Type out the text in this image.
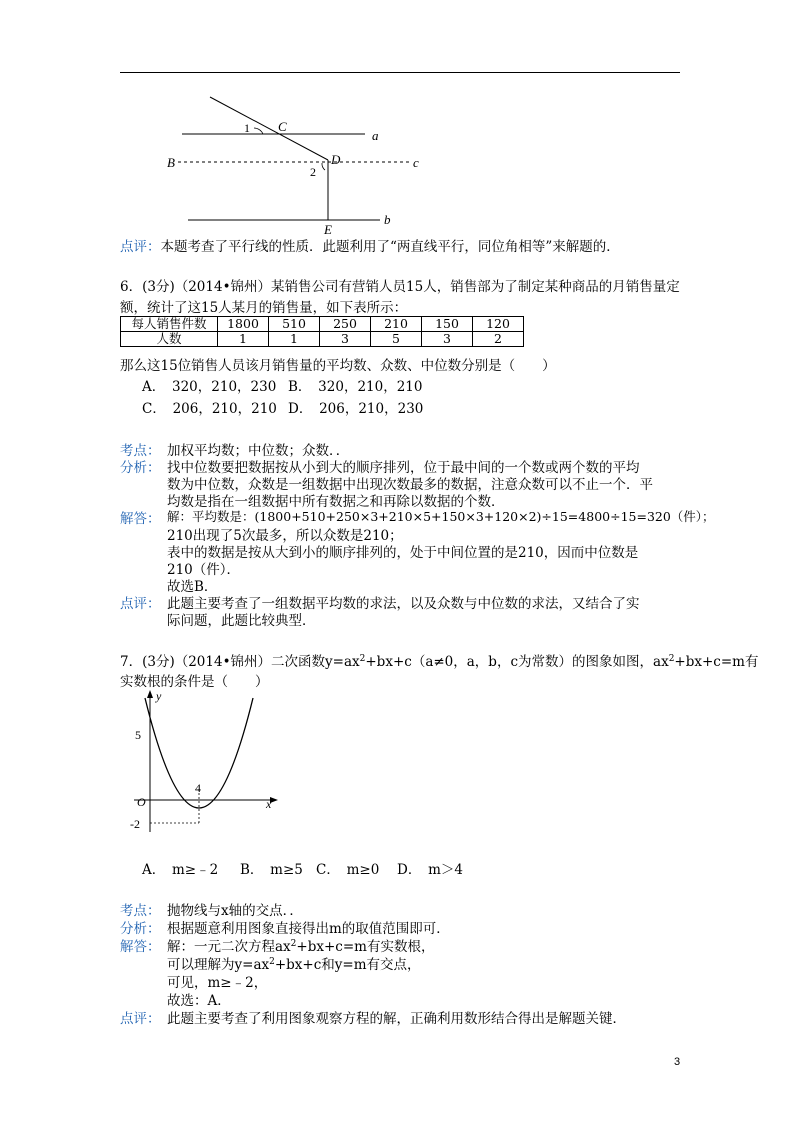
1 C
a
B	D	c
2
E
b
点评：本题考查了平行线的性质．此题利用了“两直线平行，同位角相等”来解题的．
6．(3分)（2014•锦州）某销售公司有营销人员15人，销售部为了制定某种商品的月销售量定
额，统计了这15人某月的销售量，如下表所示：
每人销售件数	1800	510	250	210	150	120
人数	1	1	3	5	3	2
那么这15位销售人员该月销售量的平均数、众数、中位数分别是（　　）
A．　320，210，230 B．　320，210，210
C．　206，210，210 D．　206，210，230
考点： 加权平均数；中位数；众数．．
分析： 找中位数要把数据按从小到大的顺序排列，位于最中间的一个数或两个数的平均
数为中位数，众数是一组数据中出现次数最多的数据，注意众数可以不止一个．平
均数是指在一组数据中所有数据之和再除以数据的个数．
解答： 解：平均数是：(1800+510+250×3+210×5+150×3+120×2)÷15=4800÷15=320（件）；
210出现了5次最多，所以众数是210；
表中的数据是按从大到小的顺序排列的，处于中间位置的是210，因而中位数是
210（件）．
故选B．
点评： 此题主要考查了一组数据平均数的求法，以及众数与中位数的求法，又结合了实
际问题，此题比较典型．
7．(3分)（2014•锦州）二次函数$y=ax^2+bx+c(a\ne 0$，a，b，c为常数）的图象如图，$ax^2+bx+c=m$有
实数根的条件是（　　）
y
5
4
x
O
-2
A．　m≥﹣2 B．　m≥5 C．　m≥0 D．　m＞4
考点： 抛物线与x轴的交点．．
分析： 根据题意利用图象直接得出m的取值范围即可．
解答： 解：一元二次方程$ax^2+bx+c=m$有实数根，
可以理解为$y=ax^2+bx+c$和y=m有交点，
可见，m≥﹣2，
故选：A．
点评： 此题主要考查了利用图象观察方程的解，正确利用数形结合得出是解题关键．
3
